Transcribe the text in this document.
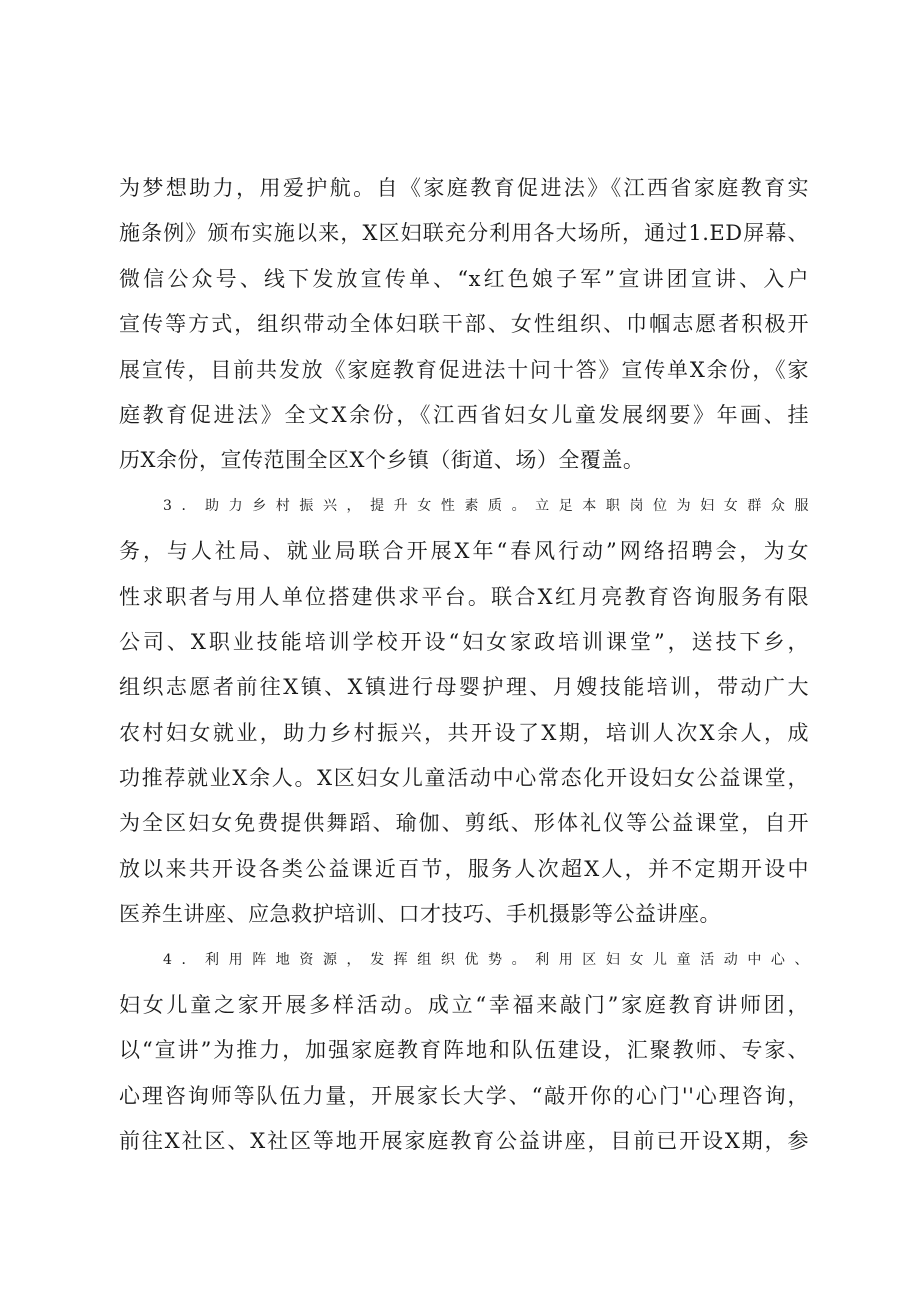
为梦想助力，用爱护航。自《家庭教育促进法》《江西省家庭教育实
施条例》颁布实施以来，X区妇联充分利用各大场所，通过1.ED屏幕、
微信公众号、线下发放宣传单、“x红色娘子军”宣讲团宣讲、入户
宣传等方式，组织带动全体妇联干部、女性组织、巾帼志愿者积极开
展宣传，目前共发放《家庭教育促进法十问十答》宣传单X余份，《家
庭教育促进法》全文X余份，《江西省妇女儿童发展纲要》年画、挂
历X余份，宣传范围全区X个乡镇（街道、场）全覆盖。
3．助力乡村振兴，提升女性素质。立足本职岗位为妇女群众服
务，与人社局、就业局联合开展X年“春风行动”网络招聘会，为女
性求职者与用人单位搭建供求平台。联合X红月亮教育咨询服务有限
公司、X职业技能培训学校开设“妇女家政培训课堂”，送技下乡，
组织志愿者前往X镇、X镇进行母婴护理、月嫂技能培训，带动广大
农村妇女就业，助力乡村振兴，共开设了X期，培训人次X余人，成
功推荐就业X余人。X区妇女儿童活动中心常态化开设妇女公益课堂，
为全区妇女免费提供舞蹈、瑜伽、剪纸、形体礼仪等公益课堂，自开
放以来共开设各类公益课近百节，服务人次超X人，并不定期开设中
医养生讲座、应急救护培训、口才技巧、手机摄影等公益讲座。
4．利用阵地资源，发挥组织优势。利用区妇女儿童活动中心、
妇女儿童之家开展多样活动。成立“幸福来敲门”家庭教育讲师团，
以“宣讲”为推力，加强家庭教育阵地和队伍建设，汇聚教师、专家、
心理咨询师等队伍力量，开展家长大学、“敲开你的心门''心理咨询，
前往X社区、X社区等地开展家庭教育公益讲座，目前已开设X期，参
